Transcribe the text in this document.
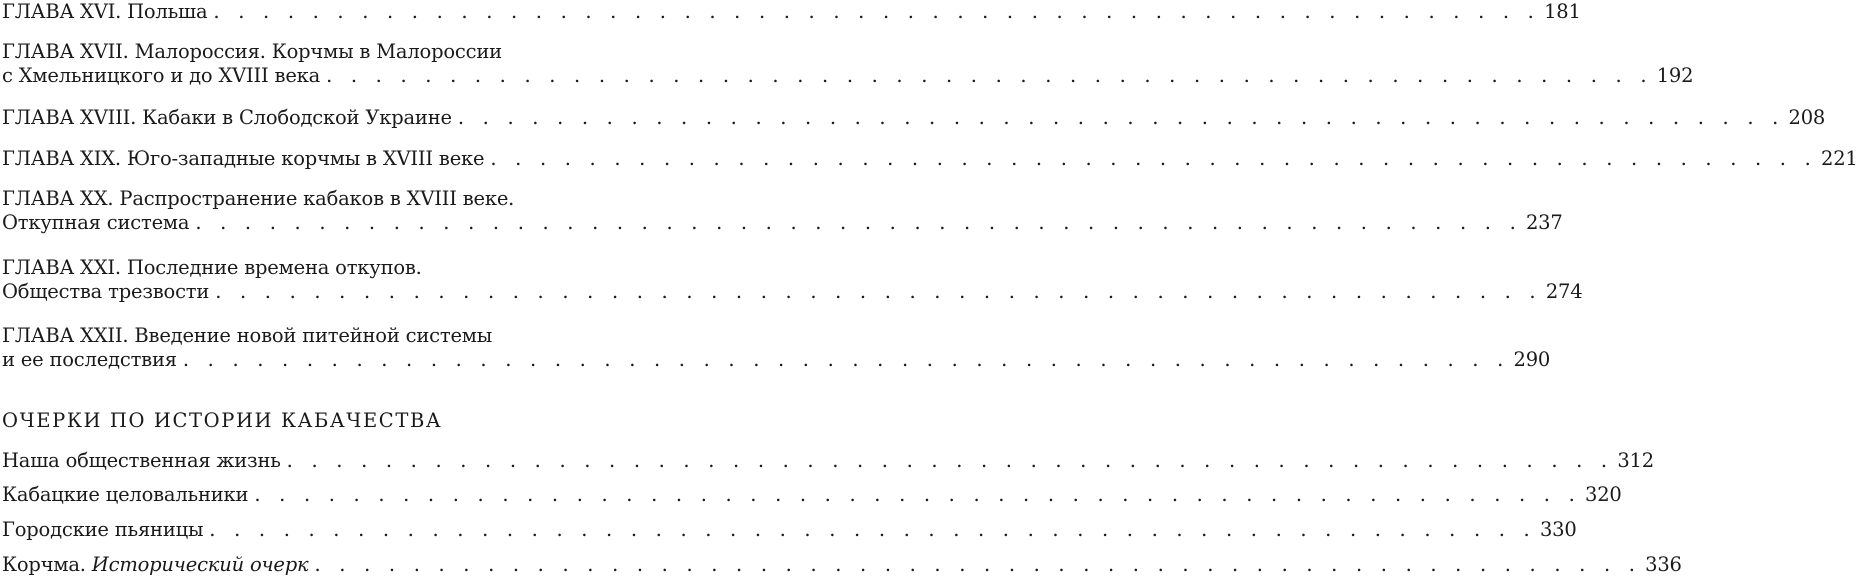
ГЛАВА XVI. Польша . . . . . . . . . . . . . . . . . . . . . . . . . . . . . . . . . . . . . . . . . . . . . . . . . . . . . . 181
ГЛАВА XVII. Малороссия. Корчмы в Малороссии
с Хмельницкого и до XVIII века . . . . . . . . . . . . . . . . . . . . . . . . . . . . . . . . . . . . . . . . . . . . . . . . . . . . . . 192
ГЛАВА XVIII. Кабаки в Слободской Украине . . . . . . . . . . . . . . . . . . . . . . . . . . . . . . . . . . . . . . . . . . . . . . . . . . . . . . 208
ГЛАВА XIX. Юго-западные корчмы в XVIII веке . . . . . . . . . . . . . . . . . . . . . . . . . . . . . . . . . . . . . . . . . . . . . . . . . . . . . . 221
ГЛАВА XX. Распространение кабаков в XVIII веке.
Откупная система . . . . . . . . . . . . . . . . . . . . . . . . . . . . . . . . . . . . . . . . . . . . . . . . . . . . . . 237
ГЛАВА XXI. Последние времена откупов.
Общества трезвости . . . . . . . . . . . . . . . . . . . . . . . . . . . . . . . . . . . . . . . . . . . . . . . . . . . . . . 274
ГЛАВА XXII. Введение новой питейной системы
и ее последствия . . . . . . . . . . . . . . . . . . . . . . . . . . . . . . . . . . . . . . . . . . . . . . . . . . . . . . 290
ОЧЕРКИ ПО ИСТОРИИ КАБАЧЕСТВА
Наша общественная жизнь . . . . . . . . . . . . . . . . . . . . . . . . . . . . . . . . . . . . . . . . . . . . . . . . . . . . . . 312
Кабацкие целовальники . . . . . . . . . . . . . . . . . . . . . . . . . . . . . . . . . . . . . . . . . . . . . . . . . . . . . . 320
Городские пьяницы . . . . . . . . . . . . . . . . . . . . . . . . . . . . . . . . . . . . . . . . . . . . . . . . . . . . . . 330
Корчма. Исторический очерк . . . . . . . . . . . . . . . . . . . . . . . . . . . . . . . . . . . . . . . . . . . . . . . . . . . . . . 336
